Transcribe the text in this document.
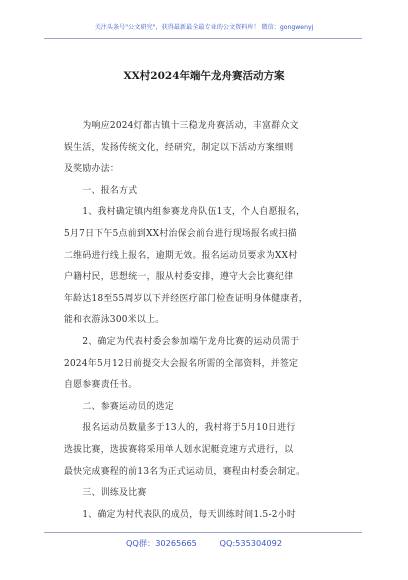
关注头条号"公文研究"，获得最新最全最专业的公文资料库！ 微信：gongwenyj
XX村2024年端午龙舟赛活动方案
　　为响应2024灯都古镇十三稳龙舟赛活动，丰富群众文
娱生活，发扬传统文化，经研究，制定以下活动方案细则
及奖励办法：
　　一、报名方式
　　1、我村确定镇内组参赛龙舟队伍1支，个人自愿报名，
5月7日下午5点前到XX村治保会前台进行现场报名或扫描
二维码进行线上报名，逾期无效。报名运动员要求为XX村
户籍村民，思想统一，服从村委安排，遵守大会比赛纪律
年龄达18至55周岁以下并经医疗部门检查证明身体健康者，
能和衣游泳300米以上。
　　2、确定为代表村委会参加端午龙舟比赛的运动员需于
2024年5月12日前提交大会报名所需的全部资料，并签定
自愿参赛责任书。
　　二、参赛运动员的选定
　　报名运动员数量多于13人的，我村将于5月10日进行
选拔比赛，选拔赛将采用单人划水泥艇竞速方式进行，以
最快完成赛程的前13名为正式运动员，赛程由村委会制定。
　　三、训练及比赛
　　1、确定为村代表队的成员，每天训练时间1.5-2小时
QQ群：30265665	QQ:535304092
